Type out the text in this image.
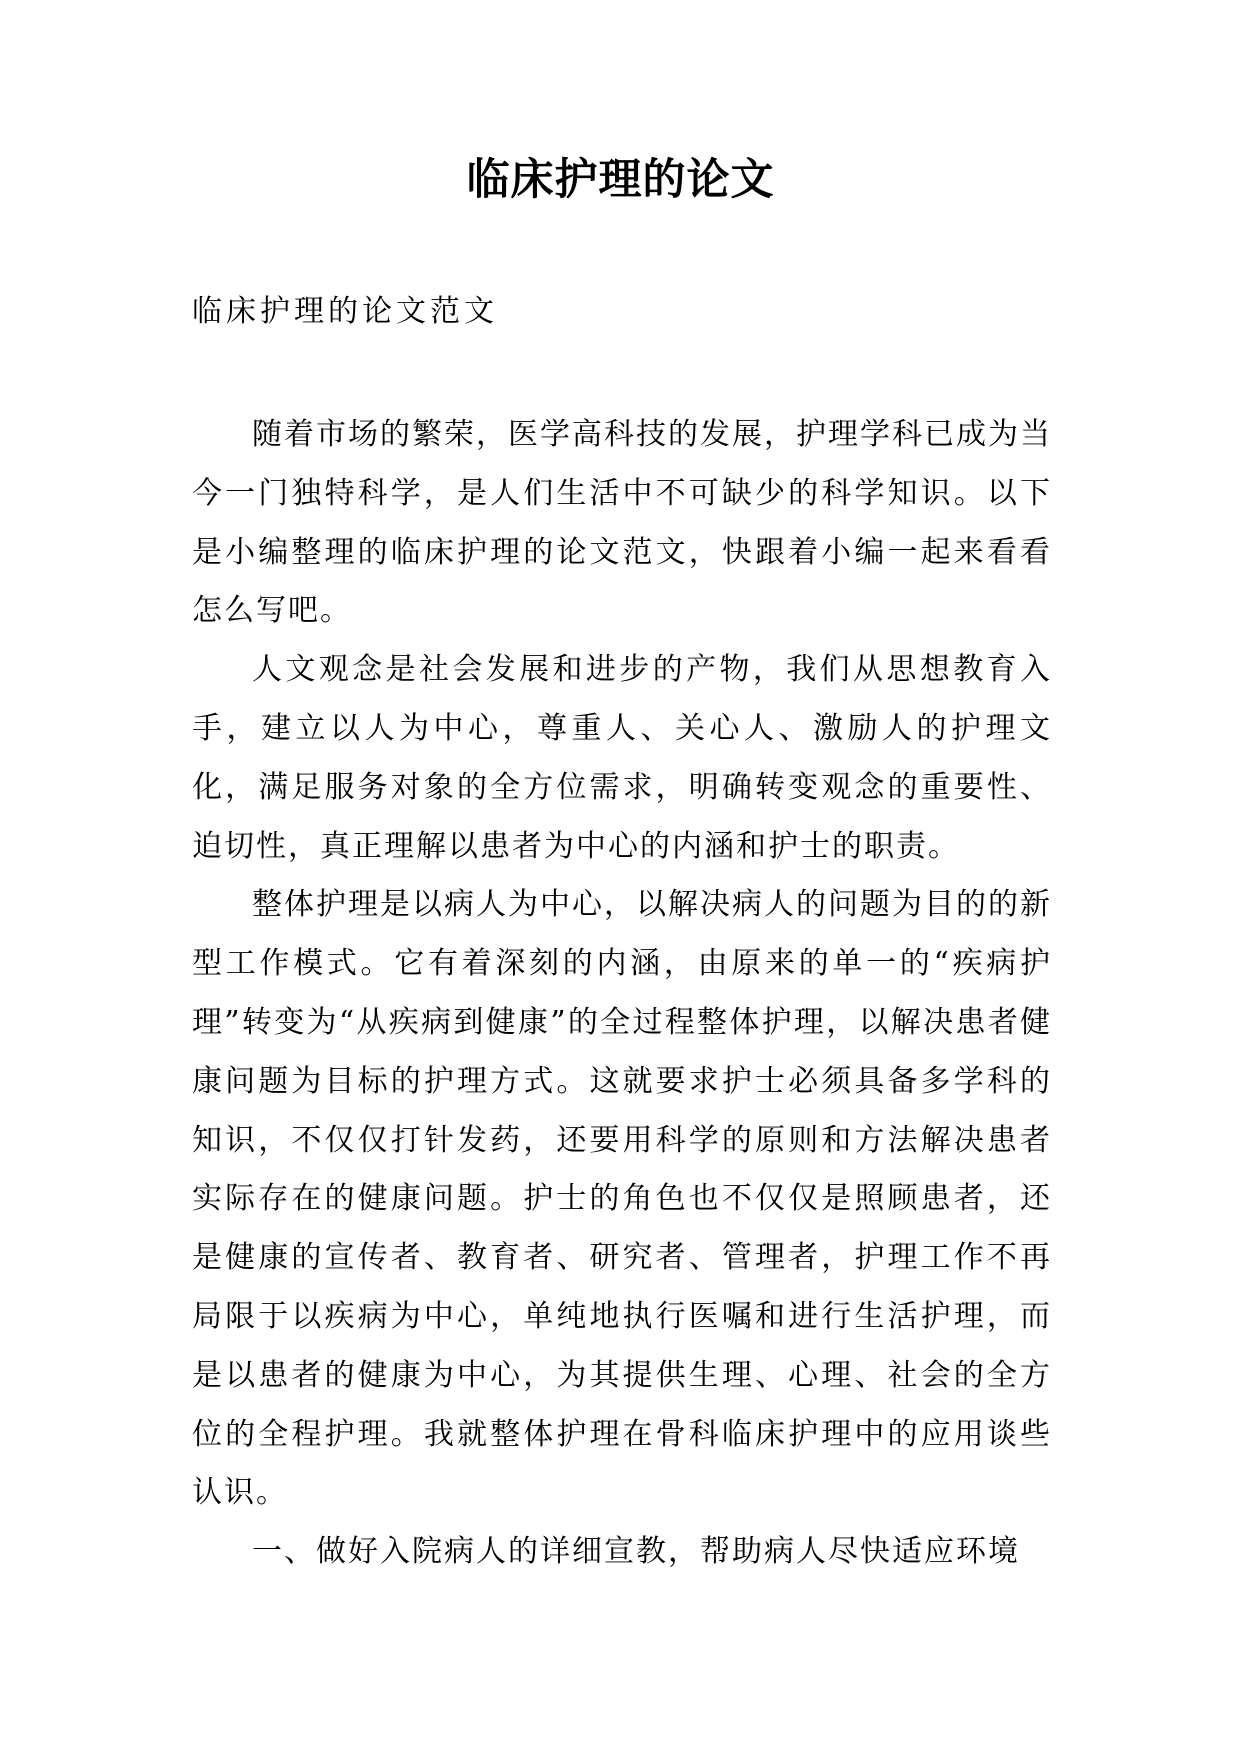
临床护理的论文
临床护理的论文范文

随着市场的繁荣，医学高科技的发展，护理学科已成为当今一门独特科学，是人们生活中不可缺少的科学知识。以下是小编整理的临床护理的论文范文，快跟着小编一起来看看怎么写吧。

人文观念是社会发展和进步的产物，我们从思想教育入手，建立以人为中心，尊重人、关心人、激励人的护理文化，满足服务对象的全方位需求，明确转变观念的重要性、迫切性，真正理解以患者为中心的内涵和护士的职责。

整体护理是以病人为中心，以解决病人的问题为目的的新型工作模式。它有着深刻的内涵，由原来的单一的“疾病护理”转变为“从疾病到健康”的全过程整体护理，以解决患者健康问题为目标的护理方式。这就要求护士必须具备多学科的知识，不仅仅打针发药，还要用科学的原则和方法解决患者实际存在的健康问题。护士的角色也不仅仅是照顾患者，还是健康的宣传者、教育者、研究者、管理者，护理工作不再局限于以疾病为中心，单纯地执行医嘱和进行生活护理，而是以患者的健康为中心，为其提供生理、心理、社会的全方位的全程护理。我就整体护理在骨科临床护理中的应用谈些认识。

一、做好入院病人的详细宣教，帮助病人尽快适应环境
